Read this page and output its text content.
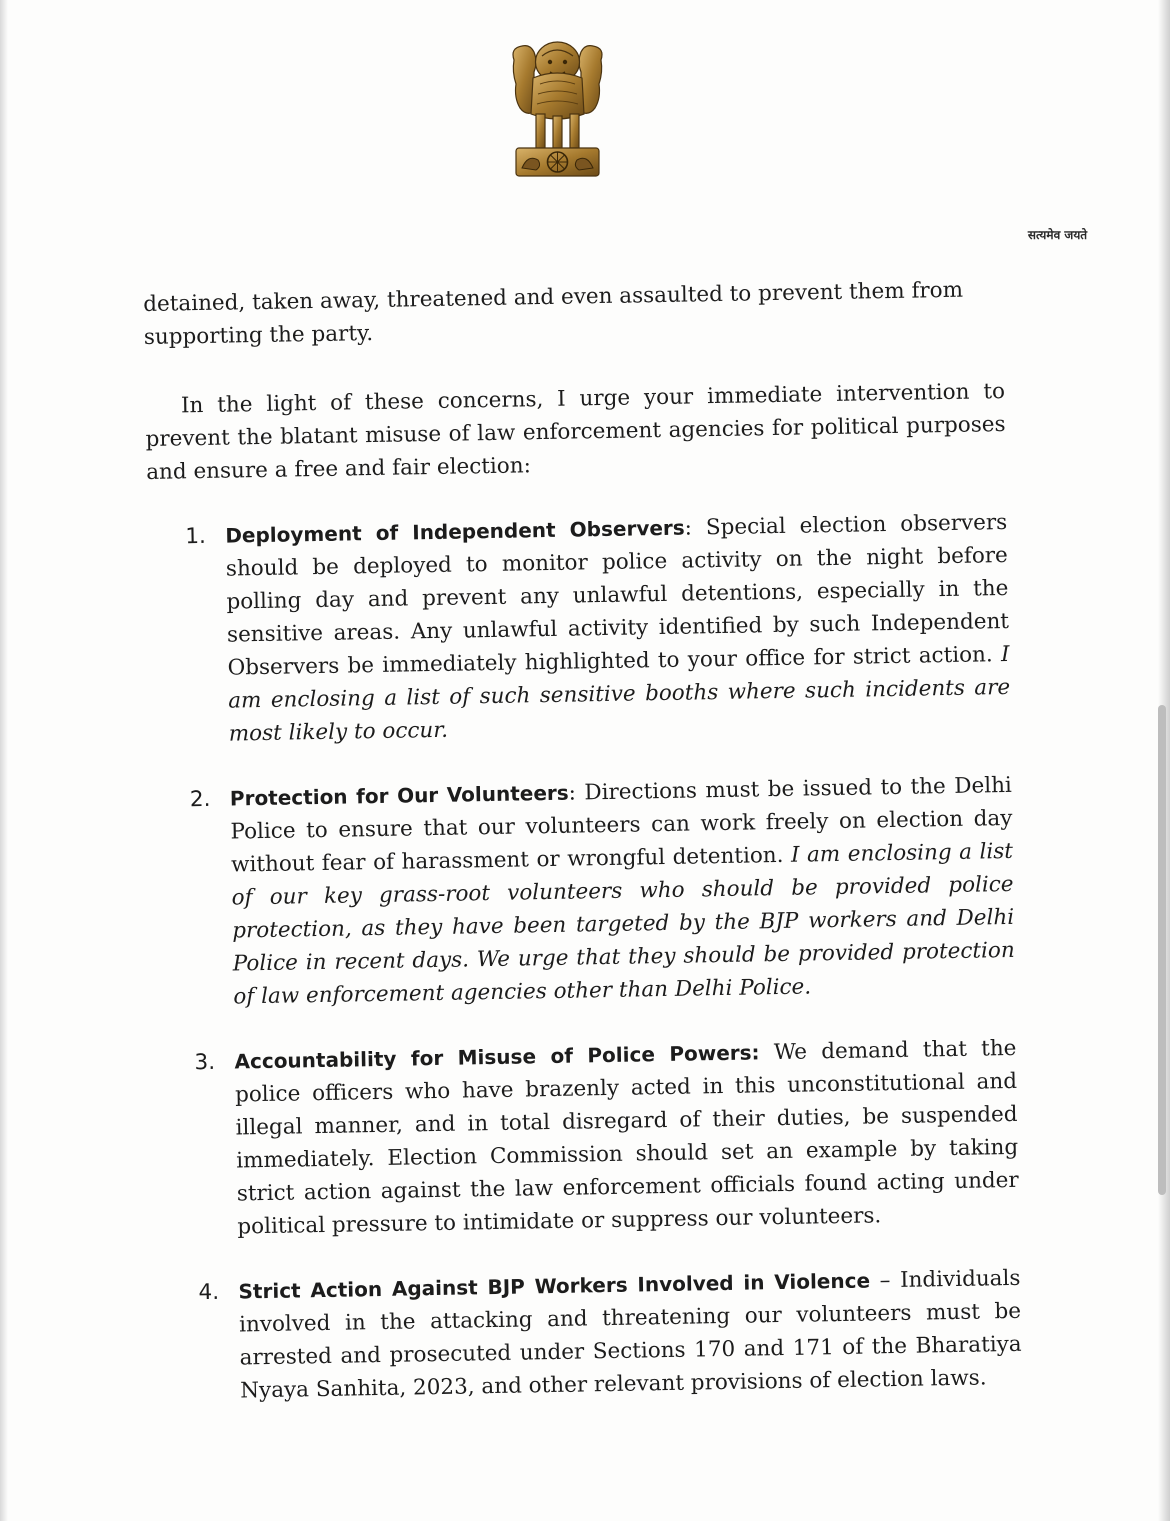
सत्यमेव जयते

detained, taken away, threatened and even assaulted to prevent them from supporting the party.

In the light of these concerns, I urge your immediate intervention to prevent the blatant misuse of law enforcement agencies for political purposes and ensure a free and fair election:

1. Deployment of Independent Observers: Special election observers should be deployed to monitor police activity on the night before polling day and prevent any unlawful detentions, especially in the sensitive areas. Any unlawful activity identified by such Independent Observers be immediately highlighted to your office for strict action. I am enclosing a list of such sensitive booths where such incidents are most likely to occur.
2. Protection for Our Volunteers: Directions must be issued to the Delhi Police to ensure that our volunteers can work freely on election day without fear of harassment or wrongful detention. I am enclosing a list of our key grass-root volunteers who should be provided police protection, as they have been targeted by the BJP workers and Delhi Police in recent days. We urge that they should be provided protection of law enforcement agencies other than Delhi Police.
3. Accountability for Misuse of Police Powers: We demand that the police officers who have brazenly acted in this unconstitutional and illegal manner, and in total disregard of their duties, be suspended immediately. Election Commission should set an example by taking strict action against the law enforcement officials found acting under political pressure to intimidate or suppress our volunteers.
4. Strict Action Against BJP Workers Involved in Violence – Individuals involved in the attacking and threatening our volunteers must be arrested and prosecuted under Sections 170 and 171 of the Bharatiya Nyaya Sanhita, 2023, and other relevant provisions of election laws.
